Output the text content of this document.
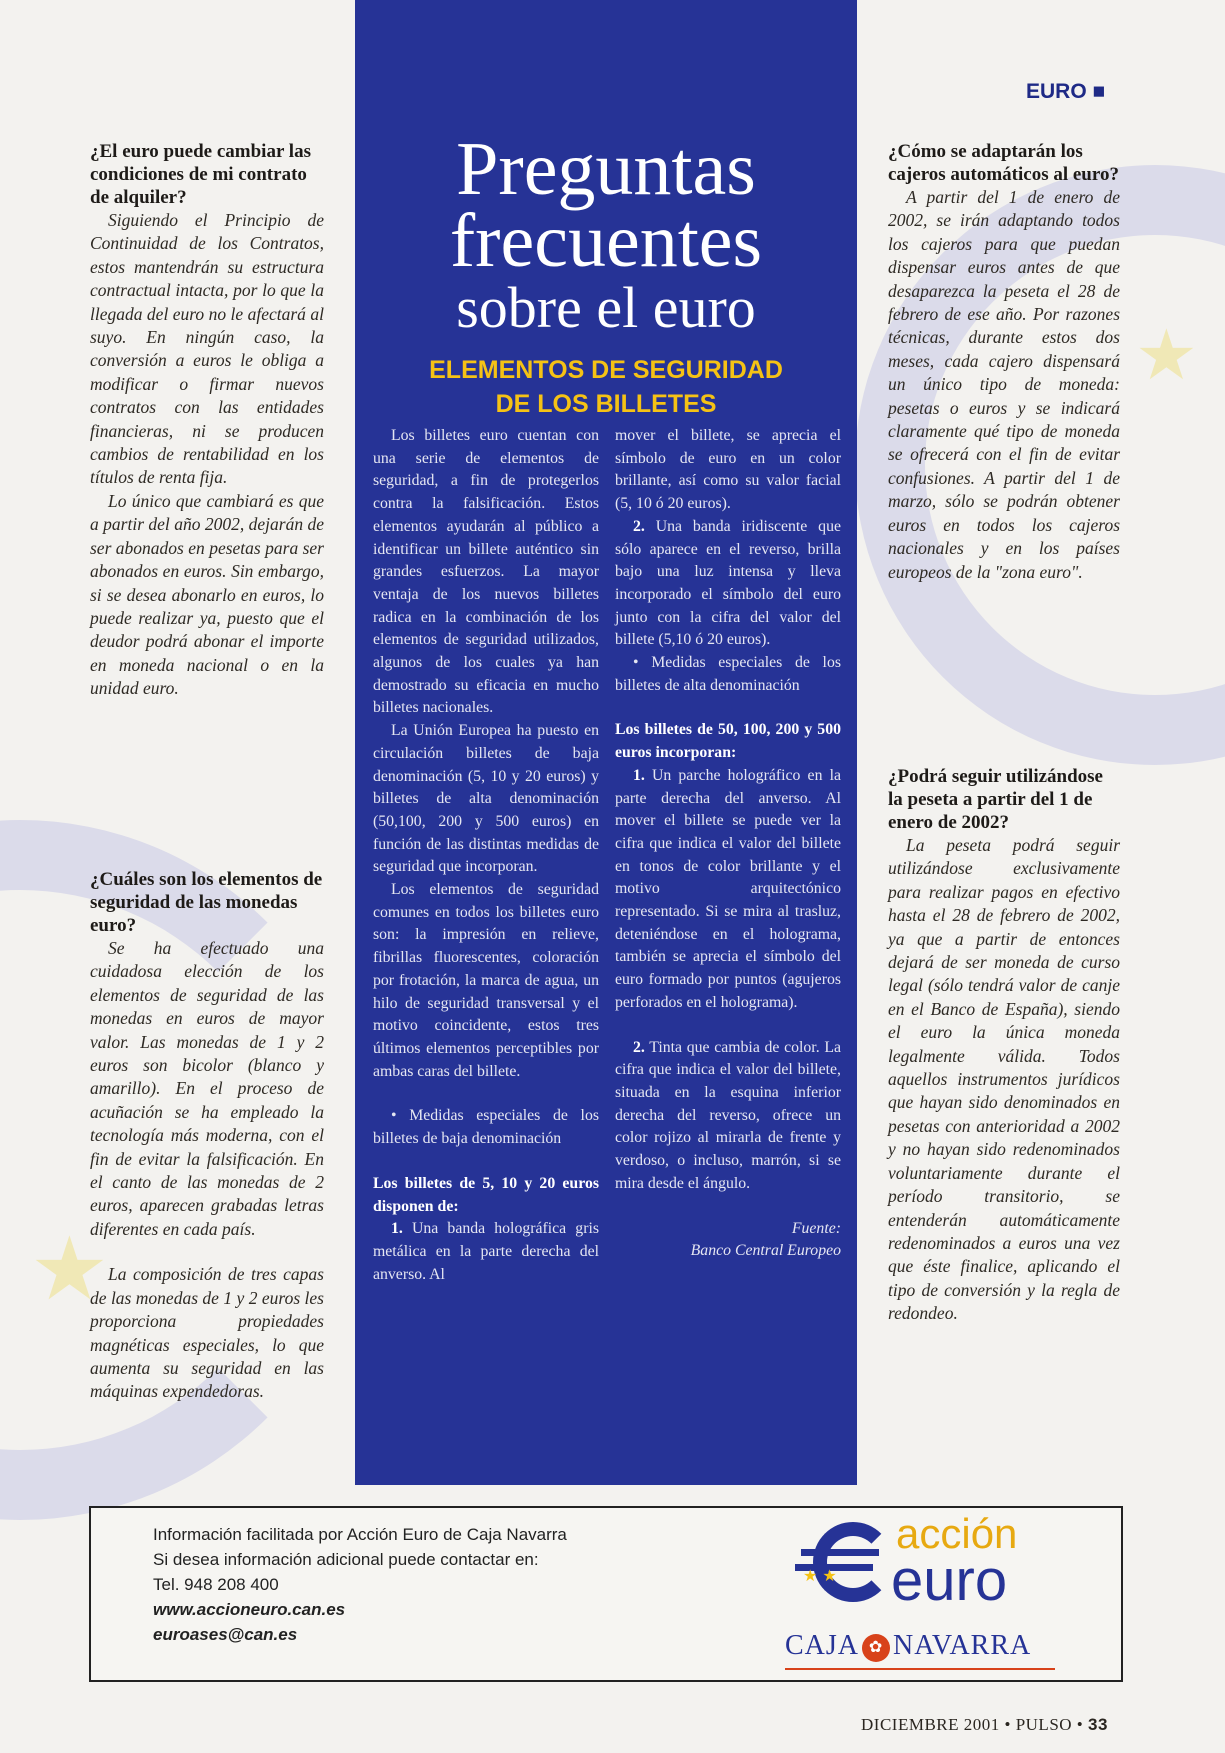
★
★
EURO ■
¿El euro puede cambiar las condiciones de mi contrato de alquiler?

Siguiendo el Principio de Continuidad de los Contratos, estos mantendrán su estructura contractual intacta, por lo que la llegada del euro no le afectará al suyo. En ningún caso, la conversión a euros le obliga a modificar o firmar nuevos contratos con las entidades financieras, ni se producen cambios de rentabilidad en los títulos de renta fija.

Lo único que cambiará es que a partir del año 2002, dejarán de ser abonados en pesetas para ser abonados en euros. Sin embargo, si se desea abonarlo en euros, lo puede realizar ya, puesto que el deudor podrá abonar el importe en moneda nacional o en la unidad euro.

¿Cuáles son los elementos de seguridad de las monedas euro?

Se ha efectuado una cuidadosa elección de los elementos de seguridad de las monedas en euros de mayor valor. Las monedas de 1 y 2 euros son bicolor (blanco y amarillo). En el proceso de acuñación se ha empleado la tecnología más moderna, con el fin de evitar la falsificación. En el canto de las monedas de 2 euros, aparecen grabadas letras diferentes en cada país.

La composición de tres capas de las monedas de 1 y 2 euros les proporciona propiedades magnéticas especiales, lo que aumenta su seguridad en las máquinas expendedoras.

Preguntas
frecuentes
sobre el euro
ELEMENTOS DE SEGURIDAD
DE LOS BILLETES

Los billetes euro cuentan con una serie de elementos de seguridad, a fin de protegerlos contra la falsificación. Estos elementos ayudarán al público a identificar un billete auténtico sin grandes esfuerzos. La mayor ventaja de los nuevos billetes radica en la combinación de los elementos de seguridad utilizados, algunos de los cuales ya han demostrado su eficacia en mucho billetes nacionales.

La Unión Europea ha puesto en circulación billetes de baja denominación (5, 10 y 20 euros) y billetes de alta denominación (50,100, 200 y 500 euros) en función de las distintas medidas de seguridad que incorporan.

Los elementos de seguridad comunes en todos los billetes euro son: la impresión en relieve, fibrillas fluorescentes, coloración por frotación, la marca de agua, un hilo de seguridad transversal y el motivo coincidente, estos tres últimos elementos perceptibles por ambas caras del billete.

• Medidas especiales de los billetes de baja denominación

Los billetes de 5, 10 y 20 euros disponen de:

1. Una banda holográfica gris metálica en la parte derecha del anverso. Al

mover el billete, se aprecia el símbolo de euro en un color brillante, así como su valor facial (5, 10 ó 20 euros).

2. Una banda iridiscente que sólo aparece en el reverso, brilla bajo una luz intensa y lleva incorporado el símbolo del euro junto con la cifra del valor del billete (5,10 ó 20 euros).

• Medidas especiales de los billetes de alta denominación

Los billetes de 50, 100, 200 y 500 euros incorporan:

1. Un parche holográfico en la parte derecha del anverso. Al mover el billete se puede ver la cifra que indica el valor del billete en tonos de color brillante y el motivo arquitectónico representado. Si se mira al trasluz, deteniéndose en el holograma, también se aprecia el símbolo del euro formado por puntos (agujeros perforados en el holograma).

2. Tinta que cambia de color. La cifra que indica el valor del billete, situada en la esquina inferior derecha del reverso, ofrece un color rojizo al mirarla de frente y verdoso, o incluso, marrón, si se mira desde el ángulo.

Fuente:

Banco Central Europeo

¿Cómo se adaptarán los cajeros automáticos al euro?

A partir del 1 de enero de 2002, se irán adaptando todos los cajeros para que puedan dispensar euros antes de que desaparezca la peseta el 28 de febrero de ese año. Por razones técnicas, durante estos dos meses, cada cajero dispensará un único tipo de moneda: pesetas o euros y se indicará claramente qué tipo de moneda se ofrecerá con el fin de evitar confusiones. A partir del 1 de marzo, sólo se podrán obtener euros en todos los cajeros nacionales y en los países europeos de la "zona euro".

¿Podrá seguir utilizándose la peseta a partir del 1 de enero de 2002?

La peseta podrá seguir utilizándose exclusivamente para realizar pagos en efectivo hasta el 28 de febrero de 2002, ya que a partir de entonces dejará de ser moneda de curso legal (sólo tendrá valor de canje en el Banco de España), siendo el euro la única moneda legalmente válida. Todos aquellos instrumentos jurídicos que hayan sido denominados en pesetas con anterioridad a 2002 y no hayan sido redenominados voluntariamente durante el período transitorio, se entenderán automáticamente redenominados a euros una vez que éste finalice, aplicando el tipo de conversión y la regla de redondeo.

Información facilitada por Acción Euro de Caja Navarra
Si desea información adicional puede contactar en:
Tel. 948 208 400
www.accioneuro.can.es
euroases@can.es
★ ★
acción
euro
CAJA ✿ NAVARRA
DICIEMBRE 2001 • PULSO • 33
